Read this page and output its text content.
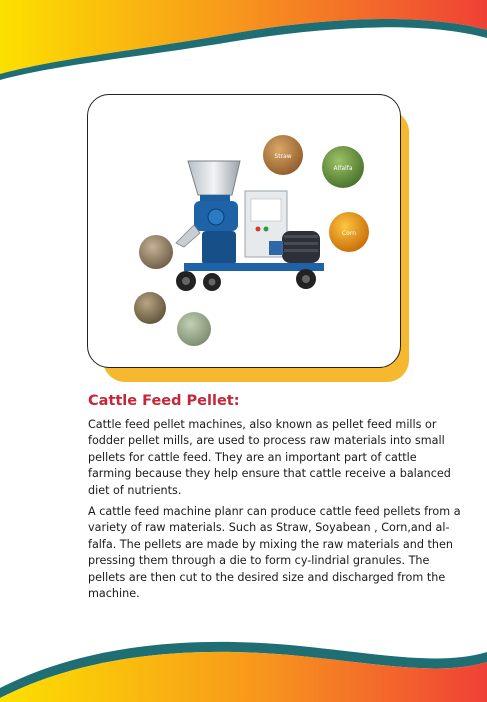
Straw
Alfalfa
Corn
Cattle Feed Pellet:

Cattle feed pellet machines, also known as pellet feed mills or fodder pellet mills, are used to process raw materials into small pellets for cattle feed. They are an important part of cattle farming because they help ensure that cattle receive a balanced diet of nutrients.

A cattle feed machine planr can produce cattle feed pellets from a variety of raw materials. Such as Straw, Soyabean , Corn,and al-falfa. The pellets are made by mixing the raw materials and then pressing them through a die to form cy-lindrial granules. The pellets are then cut to the desired size and discharged from the machine.
